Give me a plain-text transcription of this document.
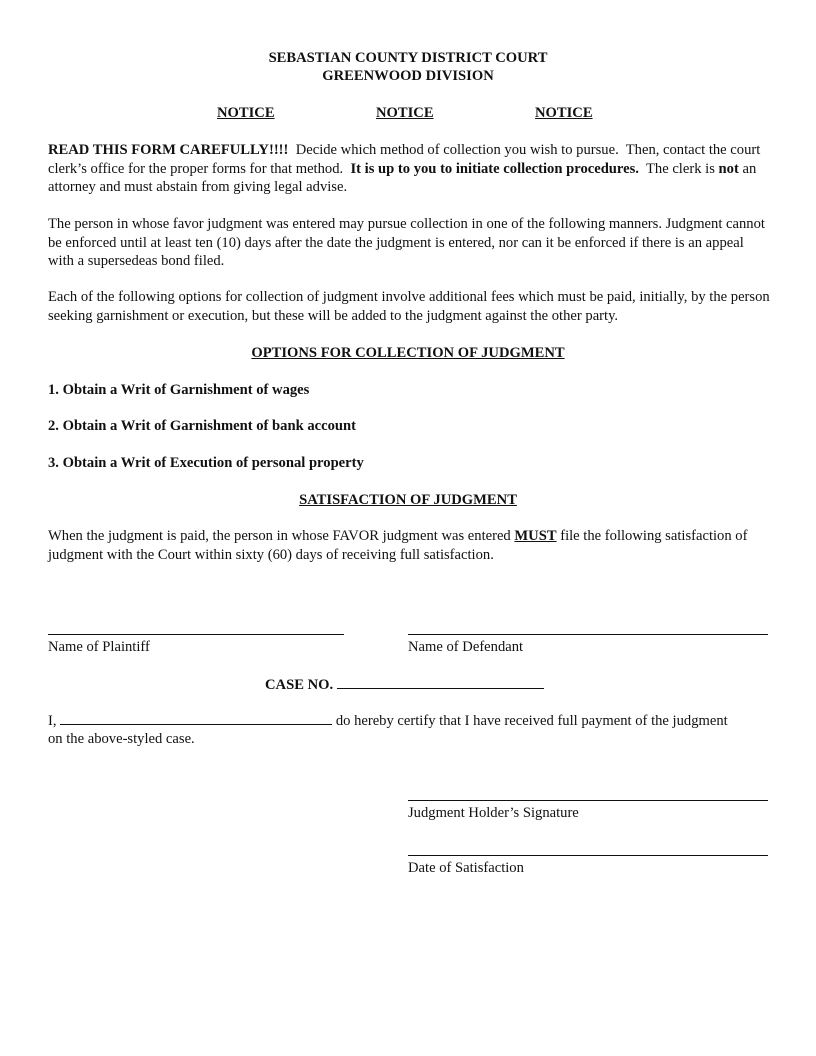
SEBASTIAN COUNTY DISTRICT COURT
GREENWOOD DIVISION
NOTICE	NOTICE	NOTICE
READ THIS FORM CAREFULLY!!!!  Decide which method of collection you wish to pursue.  Then, contact the court clerk’s office for the proper forms for that method.  It is up to you to initiate collection procedures.  The clerk is not an attorney and must abstain from giving legal advise.
The person in whose favor judgment was entered may pursue collection in one of the following manners. Judgment cannot be enforced until at least ten (10) days after the date the judgment is entered, nor can it be enforced if there is an appeal with a supersedeas bond filed.
Each of the following options for collection of judgment involve additional fees which must be paid, initially, by the person seeking garnishment or execution, but these will be added to the judgment against the other party.
OPTIONS FOR COLLECTION OF JUDGMENT
1. Obtain a Writ of Garnishment of wages
2. Obtain a Writ of Garnishment of bank account
3. Obtain a Writ of Execution of personal property
SATISFACTION OF JUDGMENT
When the judgment is paid, the person in whose FAVOR judgment was entered MUST file the following satisfaction of judgment with the Court within sixty (60) days of receiving full satisfaction.
Name of Plaintiff	Name of Defendant
CASE NO.
I,	do hereby certify that I have received full payment of the judgment
on the above-styled case.
Judgment Holder’s Signature
Date of Satisfaction
